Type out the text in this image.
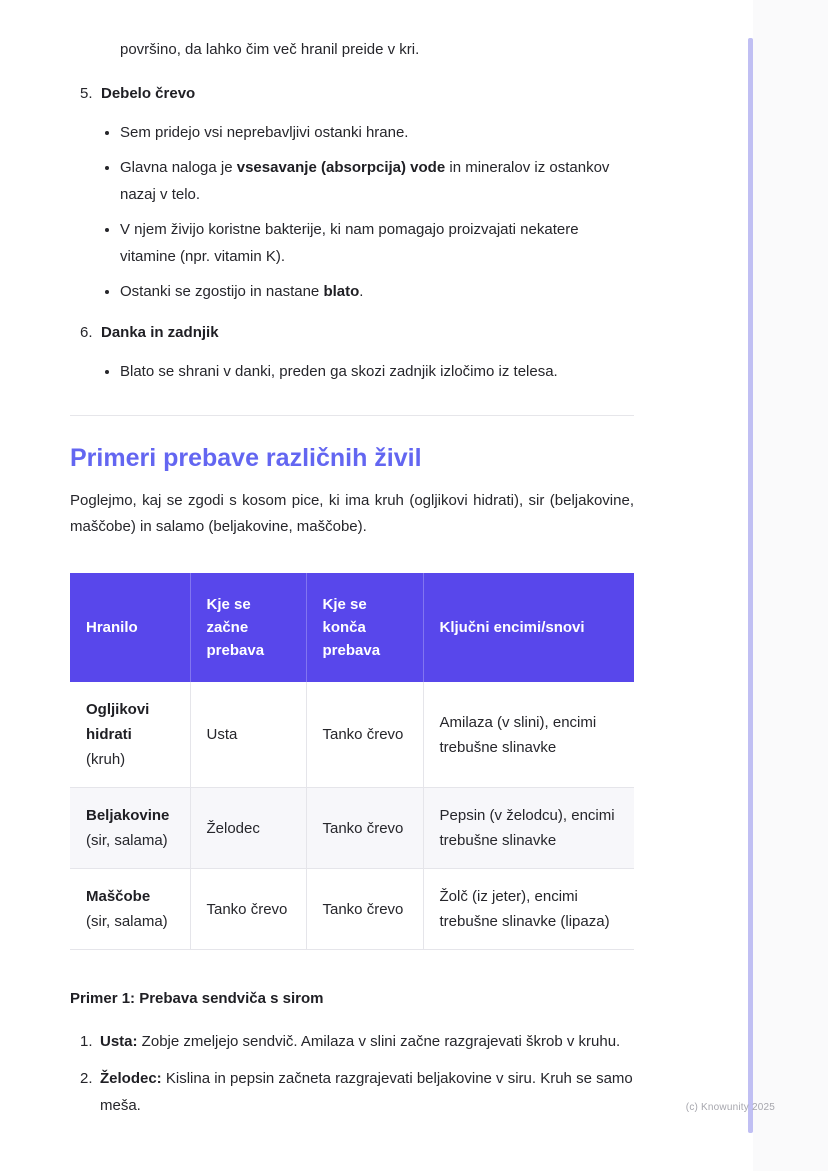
površino, da lahko čim več hranil preide v kri.

5. Debelo črevo
• Sem pridejo vsi neprebavljivi ostanki hrane.
• Glavna naloga je vsesavanje (absorpcija) vode in mineralov iz ostankov nazaj v telo.
• V njem živijo koristne bakterije, ki nam pomagajo proizvajati nekatere vitamine (npr. vitamin K).
• Ostanki se zgostijo in nastane blato.
6. Danka in zadnjik
• Blato se shrani v danki, preden ga skozi zadnjik izločimo iz telesa.
Primeri prebave različnih živil

Poglejmo, kaj se zgodi s kosom pice, ki ima kruh (ogljikovi hidrati), sir (beljakovine, maščobe) in salamo (beljakovine, maščobe).

Hranilo	Kje se začne prebava	Kje se konča prebava	Ključni encimi/snovi
Ogljikovi hidrati
(kruh)	Usta	Tanko črevo	Amilaza (v slini), encimi trebušne slinavke
Beljakovine
(sir, salama)	Želodec	Tanko črevo	Pepsin (v želodcu), encimi trebušne slinavke
Maščobe
(sir, salama)	Tanko črevo	Tanko črevo	Žolč (iz jeter), encimi trebušne slinavke (lipaza)

Primer 1: Prebava sendviča s sirom

1. Usta: Zobje zmeljejo sendvič. Amilaza v slini začne razgrajevati škrob v kruhu.
2. Želodec: Kislina in pepsin začneta razgrajevati beljakovine v siru. Kruh se samo meša.	(c) Knowunity 2025
